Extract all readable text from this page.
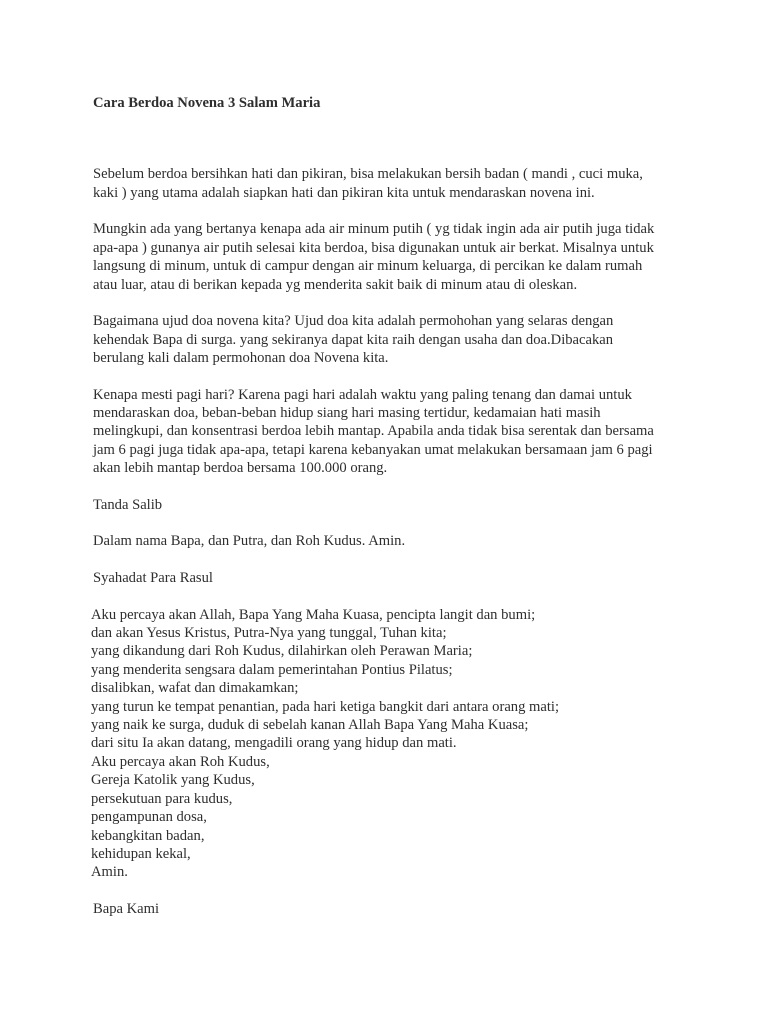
Cara Berdoa Novena 3 Salam Maria
Sebelum berdoa bersihkan hati dan pikiran, bisa melakukan bersih badan ( mandi , cuci muka,
kaki ) yang utama adalah siapkan hati dan pikiran kita untuk mendaraskan novena ini.
Mungkin ada yang bertanya kenapa ada air minum putih ( yg tidak ingin ada air putih juga tidak
apa-apa ) gunanya air putih selesai kita berdoa, bisa digunakan untuk air berkat. Misalnya untuk
langsung di minum, untuk di campur dengan air minum keluarga, di percikan ke dalam rumah
atau luar, atau di berikan kepada yg menderita sakit baik di minum atau di oleskan.
Bagaimana ujud doa novena kita? Ujud doa kita adalah permohohan yang selaras dengan
kehendak Bapa di surga. yang sekiranya dapat kita raih dengan usaha dan doa.Dibacakan
berulang kali dalam permohonan doa Novena kita.
Kenapa mesti pagi hari? Karena pagi hari adalah waktu yang paling tenang dan damai untuk
mendaraskan doa, beban-beban hidup siang hari masing tertidur, kedamaian hati masih
melingkupi, dan konsentrasi berdoa lebih mantap. Apabila anda tidak bisa serentak dan bersama
jam 6 pagi juga tidak apa-apa, tetapi karena kebanyakan umat melakukan bersamaan jam 6 pagi
akan lebih mantap berdoa bersama 100.000 orang.
Tanda Salib
Dalam nama Bapa, dan Putra, dan Roh Kudus. Amin.
Syahadat Para Rasul
Aku percaya akan Allah, Bapa Yang Maha Kuasa, pencipta langit dan bumi;
dan akan Yesus Kristus, Putra-Nya yang tunggal, Tuhan kita;
yang dikandung dari Roh Kudus, dilahirkan oleh Perawan Maria;
yang menderita sengsara dalam pemerintahan Pontius Pilatus;
disalibkan, wafat dan dimakamkan;
yang turun ke tempat penantian, pada hari ketiga bangkit dari antara orang mati;
yang naik ke surga, duduk di sebelah kanan Allah Bapa Yang Maha Kuasa;
dari situ Ia akan datang, mengadili orang yang hidup dan mati.
Aku percaya akan Roh Kudus,
Gereja Katolik yang Kudus,
persekutuan para kudus,
pengampunan dosa,
kebangkitan badan,
kehidupan kekal,
Amin.
Bapa Kami
